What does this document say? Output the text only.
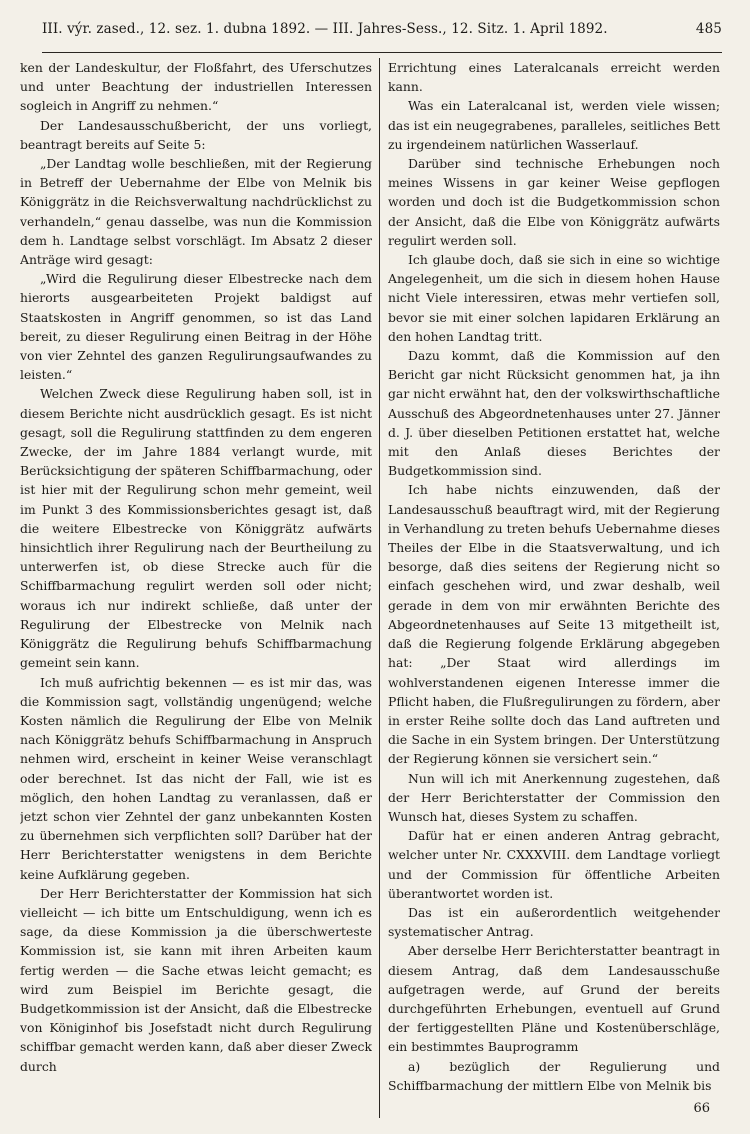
III. výr. zased., 12. sez. 1. dubna 1892. — III. Jahres-Sess., 12. Sitz. 1. April 1892.	485

ken der Landeskultur, der Floßfahrt, des Uferschutzes und unter Beachtung der industriellen Interessen sogleich in Angriff zu nehmen.“

Der Landesausschußbericht, der uns vorliegt, beantragt bereits auf Seite 5:

„Der Landtag wolle beschließen, mit der Regierung in Betreff der Uebernahme der Elbe von Melnik bis Königgrätz in die Reichsverwaltung nachdrücklichst zu verhandeln,“ genau dasselbe, was nun die Kommission dem h. Landtage selbst vorschlägt. Im Absatz 2 dieser Anträge wird gesagt:

„Wird die Regulirung dieser Elbestrecke nach dem hierorts ausgearbeiteten Projekt baldigst auf Staatskosten in Angriff genommen, so ist das Land bereit, zu dieser Regulirung einen Beitrag in der Höhe von vier Zehntel des ganzen Regulirungsaufwandes zu leisten.“

Welchen Zweck diese Regulirung haben soll, ist in diesem Berichte nicht ausdrücklich gesagt. Es ist nicht gesagt, soll die Regulirung stattfinden zu dem engeren Zwecke, der im Jahre 1884 verlangt wurde, mit Berücksichtigung der späteren Schiffbarmachung, oder ist hier mit der Regulirung schon mehr gemeint, weil im Punkt 3 des Kommissionsberichtes gesagt ist, daß die weitere Elbestrecke von Königgrätz aufwärts hinsichtlich ihrer Regulirung nach der Beurtheilung zu unterwerfen ist, ob diese Strecke auch für die Schiffbarmachung regulirt werden soll oder nicht; woraus ich nur indirekt schließe, daß unter der Regulirung der Elbestrecke von Melnik nach Königgrätz die Regulirung behufs Schiffbarmachung gemeint sein kann.

Ich muß aufrichtig bekennen — es ist mir das, was die Kommission sagt, vollständig ungenügend; welche Kosten nämlich die Regulirung der Elbe von Melnik nach Königgrätz behufs Schiffbarmachung in Anspruch nehmen wird, erscheint in keiner Weise veranschlagt oder berechnet. Ist das nicht der Fall, wie ist es möglich, den hohen Landtag zu veranlassen, daß er jetzt schon vier Zehntel der ganz unbekannten Kosten zu übernehmen sich verpflichten soll? Darüber hat der Herr Berichterstatter wenigstens in dem Berichte keine Aufklärung gegeben.

Der Herr Berichterstatter der Kommission hat sich vielleicht — ich bitte um Entschuldigung, wenn ich es sage, da diese Kommission ja die überschwerteste Kommission ist, sie kann mit ihren Arbeiten kaum fertig werden — die Sache etwas leicht gemacht; es wird zum Beispiel im Berichte gesagt, die Budgetkommission ist der Ansicht, daß die Elbestrecke von Königinhof bis Josefstadt nicht durch Regulirung schiffbar gemacht werden kann, daß aber dieser Zweck durch

Errichtung eines Lateralcanals erreicht werden kann.

Was ein Lateralcanal ist, werden viele wissen; das ist ein neugegrabenes, paralleles, seitliches Bett zu irgendeinem natürlichen Wasserlauf.

Darüber sind technische Erhebungen noch meines Wissens in gar keiner Weise gepflogen worden und doch ist die Budgetkommission schon der Ansicht, daß die Elbe von Königgrätz aufwärts regulirt werden soll.

Ich glaube doch, daß sie sich in eine so wichtige Angelegenheit, um die sich in diesem hohen Hause nicht Viele interessiren, etwas mehr vertiefen soll, bevor sie mit einer solchen lapidaren Erklärung an den hohen Landtag tritt.

Dazu kommt, daß die Kommission auf den Bericht gar nicht Rücksicht genommen hat, ja ihn gar nicht erwähnt hat, den der volkswirthschaftliche Ausschuß des Abgeordnetenhauses unter 27. Jänner d. J. über dieselben Petitionen erstattet hat, welche mit den Anlaß dieses Berichtes der Budgetkommission sind.

Ich habe nichts einzuwenden, daß der Landesausschuß beauftragt wird, mit der Regierung in Verhandlung zu treten behufs Uebernahme dieses Theiles der Elbe in die Staatsverwaltung, und ich besorge, daß dies seitens der Regierung nicht so einfach geschehen wird, und zwar deshalb, weil gerade in dem von mir erwähnten Berichte des Abgeordnetenhauses auf Seite 13 mitgetheilt ist, daß die Regierung folgende Erklärung abgegeben hat: „Der Staat wird allerdings im wohlverstandenen eigenen Interesse immer die Pflicht haben, die Flußregulirungen zu fördern, aber in erster Reihe sollte doch das Land auftreten und die Sache in ein System bringen. Der Unterstützung der Regierung können sie versichert sein.“

Nun will ich mit Anerkennung zugestehen, daß der Herr Berichterstatter der Commission den Wunsch hat, dieses System zu schaffen.

Dafür hat er einen anderen Antrag gebracht, welcher unter Nr. CXXXVIII. dem Landtage vorliegt und der Commission für öffentliche Arbeiten überantwortet worden ist.

Das ist ein außerordentlich weitgehender systematischer Antrag.

Aber derselbe Herr Berichterstatter beantragt in diesem Antrag, daß dem Landesausschuße aufgetragen werde, auf Grund der bereits durchgeführten Erhebungen, eventuell auf Grund der fertiggestellten Pläne und Kostenüberschläge, ein bestimmtes Bauprogramm

a) bezüglich der Regulierung und Schiffbarmachung der mittlern Elbe von Melnik bis

66
